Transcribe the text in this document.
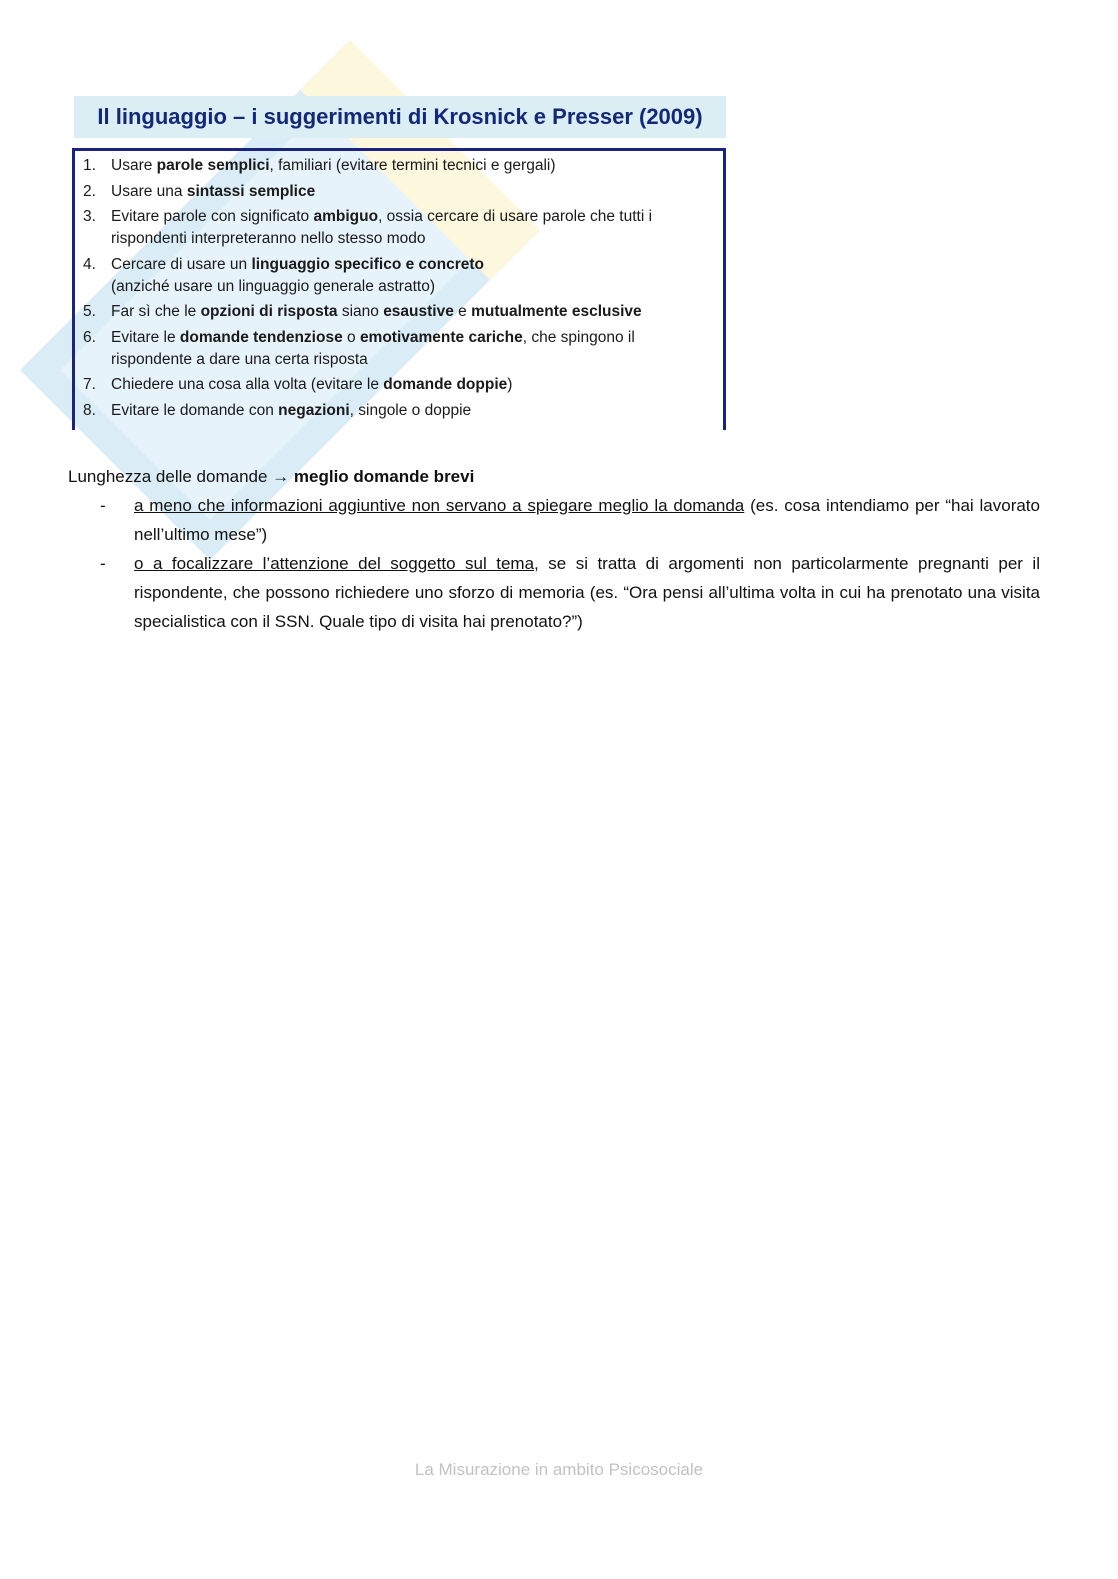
Il linguaggio – i suggerimenti di Krosnick e Presser (2009)
1. Usare parole semplici, familiari (evitare termini tecnici e gergali)
2. Usare una sintassi semplice
3. Evitare parole con significato ambiguo, ossia cercare di usare parole che tutti i rispondenti interpreteranno nello stesso modo
4. Cercare di usare un linguaggio specifico e concreto
(anziché usare un linguaggio generale astratto)
5. Far sì che le opzioni di risposta siano esaustive e mutualmente esclusive
6. Evitare le domande tendenziose o emotivamente cariche, che spingono il rispondente a dare una certa risposta
7. Chiedere una cosa alla volta (evitare le domande doppie)
8. Evitare le domande con negazioni, singole o doppie

Lunghezza delle domande → meglio domande brevi

-	a meno che informazioni aggiuntive non servano a spiegare meglio la domanda (es. cosa intendiamo per “hai lavorato nell’ultimo mese”)
-	o a focalizzare l’attenzione del soggetto sul tema, se si tratta di argomenti non particolarmente pregnanti per il rispondente, che possono richiedere uno sforzo di memoria (es. “Ora pensi all’ultima volta in cui ha prenotato una visita specialistica con il SSN. Quale tipo di visita hai prenotato?”)
La Misurazione in ambito Psicosociale
